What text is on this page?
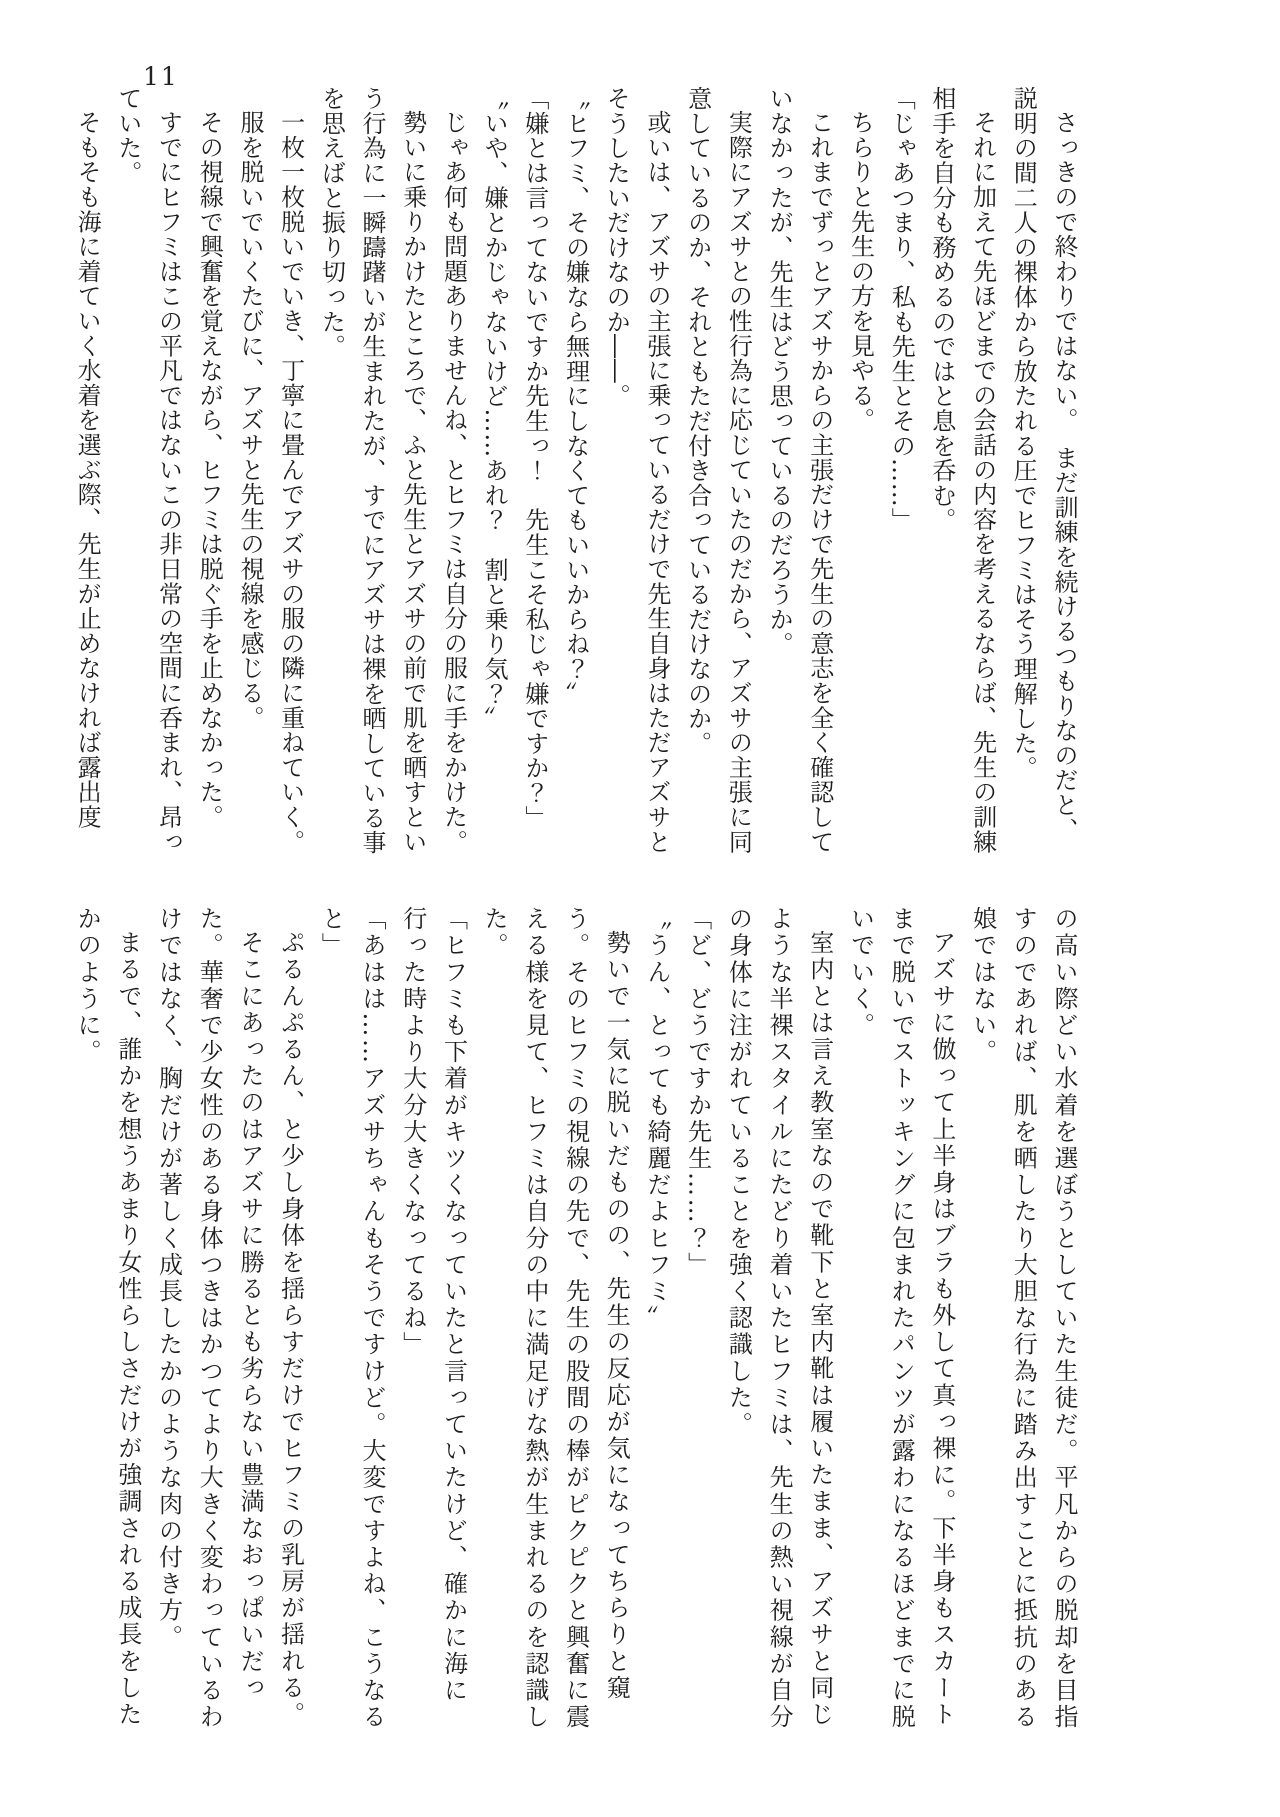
11

さっきので終わりではない。　まだ訓練を続けるつもりなのだと、説明の間二人の裸体から放たれる圧でヒフミはそう理解した。

それに加えて先ほどまでの会話の内容を考えるならば、先生の訓練相手を自分も務めるのではと息を呑む。

「じゃあつまり、私も先生とその……」

ちらりと先生の方を見やる。

これまでずっとアズサからの主張だけで先生の意志を全く確認していなかったが、先生はどう思っているのだろうか。

実際にアズサとの性行為に応じていたのだから、アズサの主張に同意しているのか、それともただ付き合っているだけなのか。

或いは、アズサの主張に乗っているだけで先生自身はただアズサとそうしたいだけなのか――。

〝ヒフミ、その嫌なら無理にしなくてもいいからね？〟

「嫌とは言ってないですか先生っ！　先生こそ私じゃ嫌ですか？」

〝いや、嫌とかじゃないけど……あれ？　割と乗り気？〟

じゃあ何も問題ありませんね、とヒフミは自分の服に手をかけた。

勢いに乗りかけたところで、ふと先生とアズサの前で肌を晒すという行為に一瞬躊躇いが生まれたが、すでにアズサは裸を晒している事を思えばと振り切った。

一枚一枚脱いでいき、丁寧に畳んでアズサの服の隣に重ねていく。

服を脱いでいくたびに、アズサと先生の視線を感じる。

その視線で興奮を覚えながら、ヒフミは脱ぐ手を止めなかった。

すでにヒフミはこの平凡ではないこの非日常の空間に呑まれ、昂っていた。

そもそも海に着ていく水着を選ぶ際、先生が止めなければ露出度

の高い際どい水着を選ぼうとしていた生徒だ。平凡からの脱却を目指すのであれば、肌を晒したり大胆な行為に踏み出すことに抵抗のある娘ではない。

アズサに倣って上半身はブラも外して真っ裸に。下半身もスカートまで脱いでストッキングに包まれたパンツが露わになるほどまでに脱いでいく。

室内とは言え教室なので靴下と室内靴は履いたまま、アズサと同じような半裸スタイルにたどり着いたヒフミは、先生の熱い視線が自分の身体に注がれていることを強く認識した。

「ど、どうですか先生……？」

〝うん、とっても綺麗だよヒフミ〟

勢いで一気に脱いだものの、先生の反応が気になってちらりと窺う。そのヒフミの視線の先で、先生の股間の棒がピクピクと興奮に震える様を見て、ヒフミは自分の中に満足げな熱が生まれるのを認識した。

「ヒフミも下着がキツくなっていたと言っていたけど、確かに海に行った時より大分大きくなってるね」

「あはは……アズサちゃんもそうですけど。大変ですよね、こうなると」

ぷるんぷるん、と少し身体を揺らすだけでヒフミの乳房が揺れる。

そこにあったのはアズサに勝るとも劣らない豊満なおっぱいだった。華奢で少女性のある身体つきはかつてより大きく変わっているわけではなく、胸だけが著しく成長したかのような肉の付き方。

まるで、誰かを想うあまり女性らしさだけが強調される成長をしたかのように。
